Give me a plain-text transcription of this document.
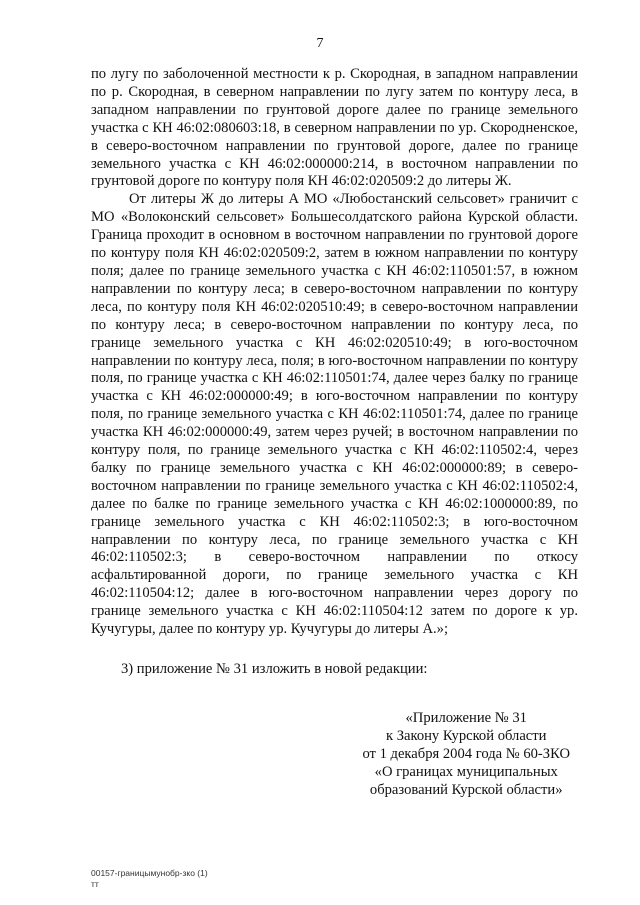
7

по лугу по заболоченной местности к р. Скородная, в западном направлении по р. Скородная, в северном направлении по лугу затем по контуру леса, в западном направлении по грунтовой дороге далее по границе земельного участка с КН 46:02:080603:18, в северном направлении по ур. Скородненское, в северо-восточном направлении по грунтовой дороге, далее по границе земельного участка с КН 46:02:000000:214, в восточном направлении по грунтовой дороге по контуру поля КН 46:02:020509:2 до литеры Ж.

От литеры Ж до литеры А МО «Любостанский сельсовет» граничит с МО «Волоконский сельсовет» Большесолдатского района Курской области. Граница проходит в основном в восточном направлении по грунтовой дороге по контуру поля КН 46:02:020509:2, затем в южном направлении по контуру поля; далее по границе земельного участка с КН 46:02:110501:57, в южном направлении по контуру леса; в северо-восточном направлении по контуру леса, по контуру поля КН 46:02:020510:49; в северо-восточном направлении по контуру леса; в северо-восточном направлении по контуру леса, по границе земельного участка с КН 46:02:020510:49; в юго-восточном направлении по контуру леса, поля; в юго-восточном направлении по контуру поля, по границе участка с КН 46:02:110501:74, далее через балку по границе участка с КН 46:02:000000:49; в юго-восточном направлении по контуру поля, по границе земельного участка с КН 46:02:110501:74, далее по границе участка КН 46:02:000000:49, затем через ручей; в восточном направлении по контуру поля, по границе земельного участка с КН 46:02:110502:4, через балку по границе земельного участка с КН 46:02:000000:89; в северо-восточном направлении по границе земельного участка с КН 46:02:110502:4, далее по балке по границе земельного участка с КН 46:02:1000000:89, по границе земельного участка с КН 46:02:110502:3; в юго-восточном направлении по контуру леса, по границе земельного участка с КН 46:02:110502:3; в северо-восточном направлении по откосу асфальтированной дороги, по границе земельного участка с КН 46:02:110504:12; далее в юго-восточном направлении через дорогу по границе земельного участка с КН 46:02:110504:12 затем по дороге к ур. Кучугуры, далее по контуру ур. Кучугуры до литеры А.»;

3) приложение № 31 изложить в новой редакции:

«Приложение № 31
к Закону Курской области
от 1 декабря 2004 года № 60-ЗКО
«О границах муниципальных
образований Курской области»
00157-границымунобр-зко (1)
тт
